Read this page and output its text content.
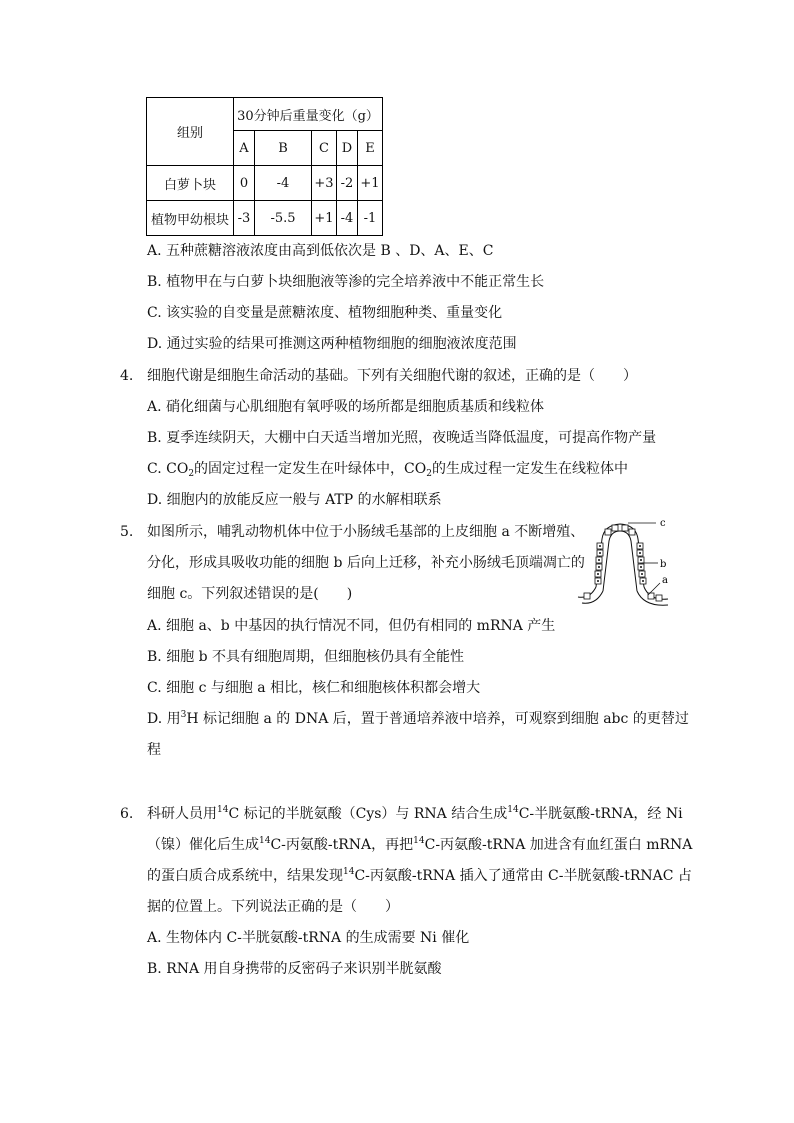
组别	30分钟后重量变化（g）				
	A	B	C	D	E
白萝卜块	0	-4	+3	-2	+1
植物甲幼根块	-3	-5.5	+1	-4	-1
A. 五种蔗糖溶液浓度由高到低依次是 B 、D、A、E、C
B. 植物甲在与白萝卜块细胞液等渗的完全培养液中不能正常生长
C. 该实验的自变量是蔗糖浓度、植物细胞种类、重量变化
D. 通过实验的结果可推测这两种植物细胞的细胞液浓度范围
4. 细胞代谢是细胞生命活动的基础。下列有关细胞代谢的叙述，正确的是（　　）
A. 硝化细菌与心肌细胞有氧呼吸的场所都是细胞质基质和线粒体
B. 夏季连续阴天，大棚中白天适当增加光照，夜晚适当降低温度，可提高作物产量
C. $CO_2$的固定过程一定发生在叶绿体中，$CO_2$的生成过程一定发生在线粒体中
D. 细胞内的放能反应一般与 ATP 的水解相联系
5. 如图所示，哺乳动物机体中位于小肠绒毛基部的上皮细胞 a 不断增殖、
分化，形成具吸收功能的细胞 b 后向上迁移，补充小肠绒毛顶端凋亡的
细胞 c。下列叙述错误的是(　　)
c
b
a
A. 细胞 a、b 中基因的执行情况不同，但仍有相同的 mRNA 产生
B. 细胞 b 不具有细胞周期，但细胞核仍具有全能性
C. 细胞 c 与细胞 a 相比，核仁和细胞核体积都会增大
D. 用$^3$H 标记细胞 a 的 DNA 后，置于普通培养液中培养，可观察到细胞 abc 的更替过
程
6. 科研人员用$^{14}$C 标记的半胱氨酸（Cys）与 RNA 结合生成$^{14}$C-半胱氨酸-tRNA，经 Ni
（镍）催化后生成$^{14}$C-丙氨酸-tRNA，再把$^{14}$C-丙氨酸-tRNA 加进含有血红蛋白 mRNA
的蛋白质合成系统中，结果发现$^{14}$C-丙氨酸-tRNA 插入了通常由 C-半胱氨酸-tRNAC 占
据的位置上。下列说法正确的是（　　）
A. 生物体内 C-半胱氨酸-tRNA 的生成需要 Ni 催化
B. RNA 用自身携带的反密码子来识别半胱氨酸
